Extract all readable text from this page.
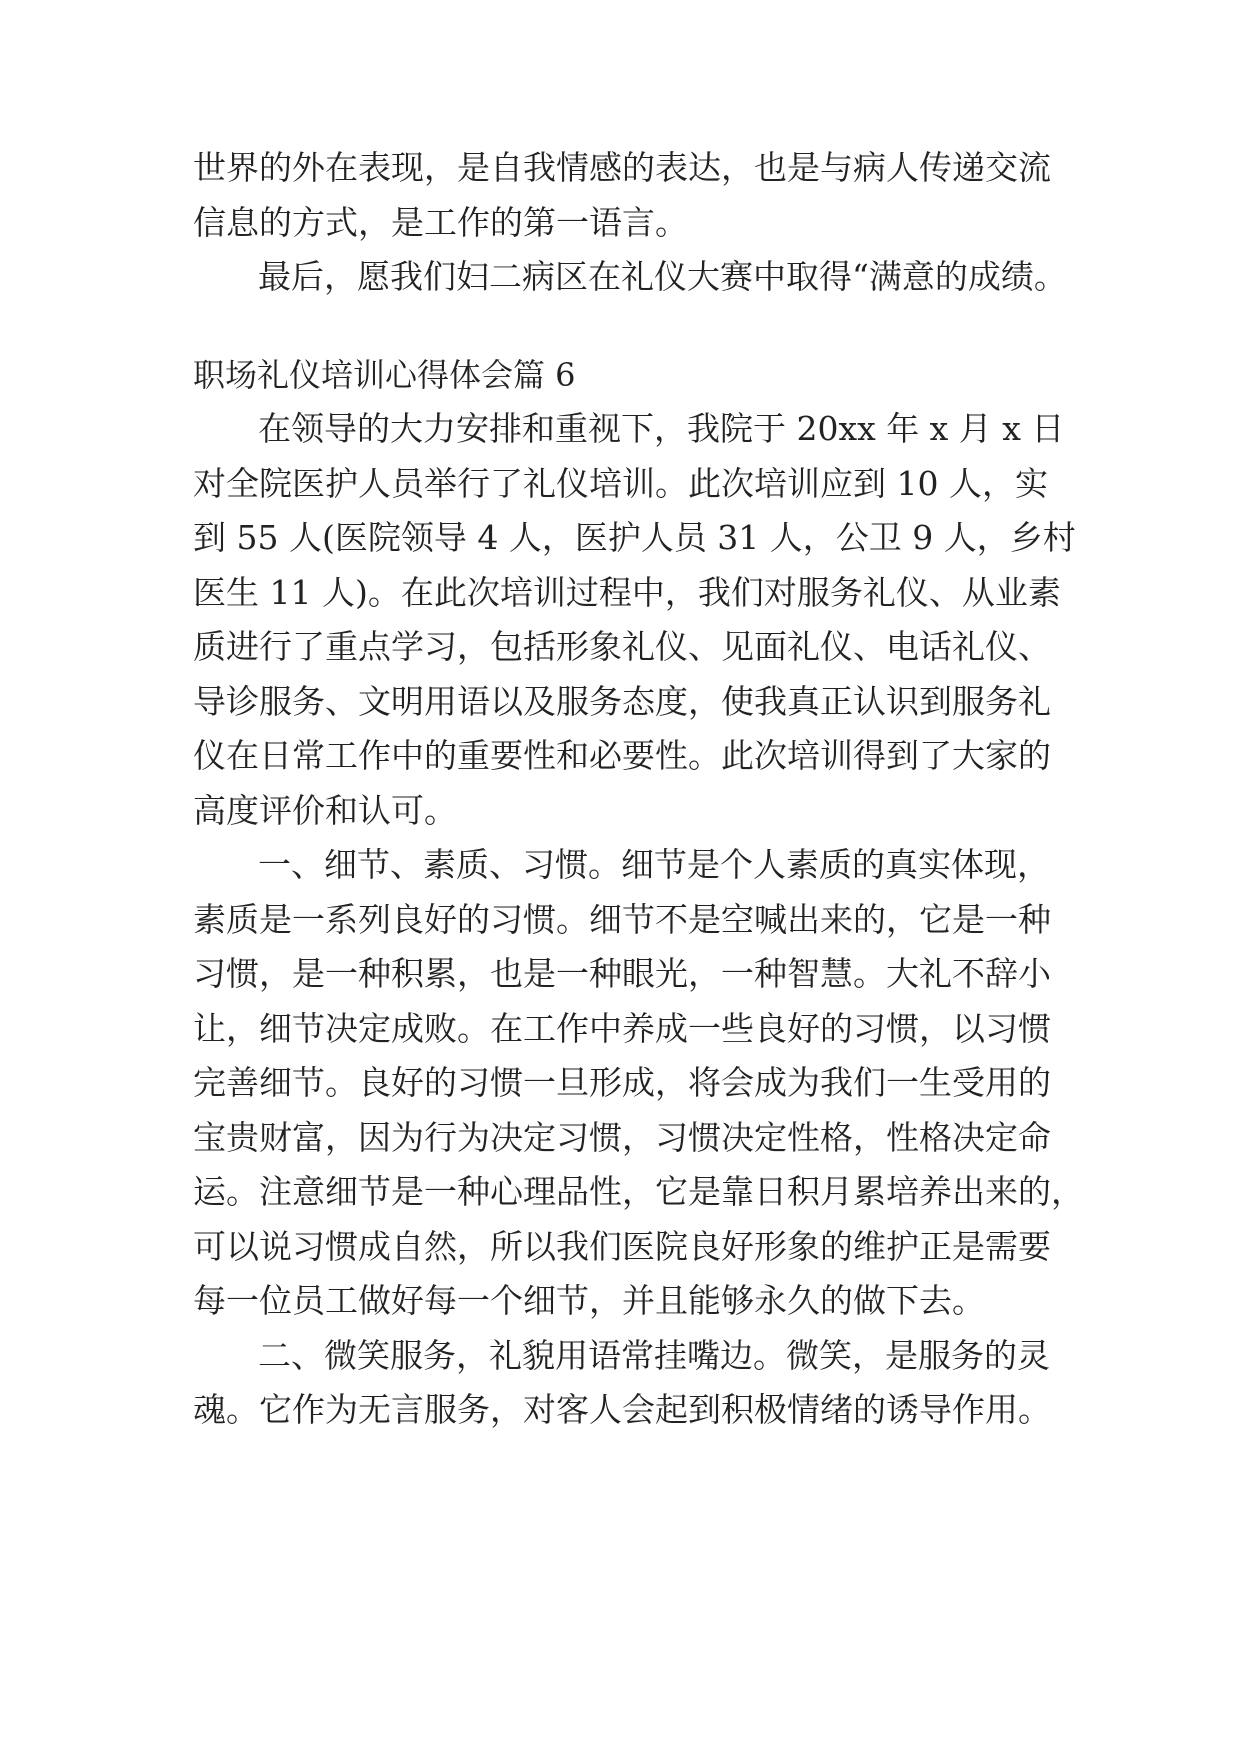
世界的外在表现，是自我情感的表达，也是与病人传递交流
信息的方式，是工作的第一语言。
最后，愿我们妇二病区在礼仪大赛中取得“满意的成绩。
职场礼仪培训心得体会篇 6
在领导的大力安排和重视下，我院于 20xx 年 x 月 x 日
对全院医护人员举行了礼仪培训。此次培训应到 10 人，实
到 55 人(医院领导 4 人，医护人员 31 人，公卫 9 人，乡村
医生 11 人)。在此次培训过程中，我们对服务礼仪、从业素
质进行了重点学习，包括形象礼仪、见面礼仪、电话礼仪、
导诊服务、文明用语以及服务态度，使我真正认识到服务礼
仪在日常工作中的重要性和必要性。此次培训得到了大家的
高度评价和认可。
一、细节、素质、习惯。细节是个人素质的真实体现，
素质是一系列良好的习惯。细节不是空喊出来的，它是一种
习惯，是一种积累，也是一种眼光，一种智慧。大礼不辞小
让，细节决定成败。在工作中养成一些良好的习惯，以习惯
完善细节。良好的习惯一旦形成，将会成为我们一生受用的
宝贵财富，因为行为决定习惯，习惯决定性格，性格决定命
运。注意细节是一种心理品性，它是靠日积月累培养出来的，
可以说习惯成自然，所以我们医院良好形象的维护正是需要
每一位员工做好每一个细节，并且能够永久的做下去。
二、微笑服务，礼貌用语常挂嘴边。微笑，是服务的灵
魂。它作为无言服务，对客人会起到积极情绪的诱导作用。
